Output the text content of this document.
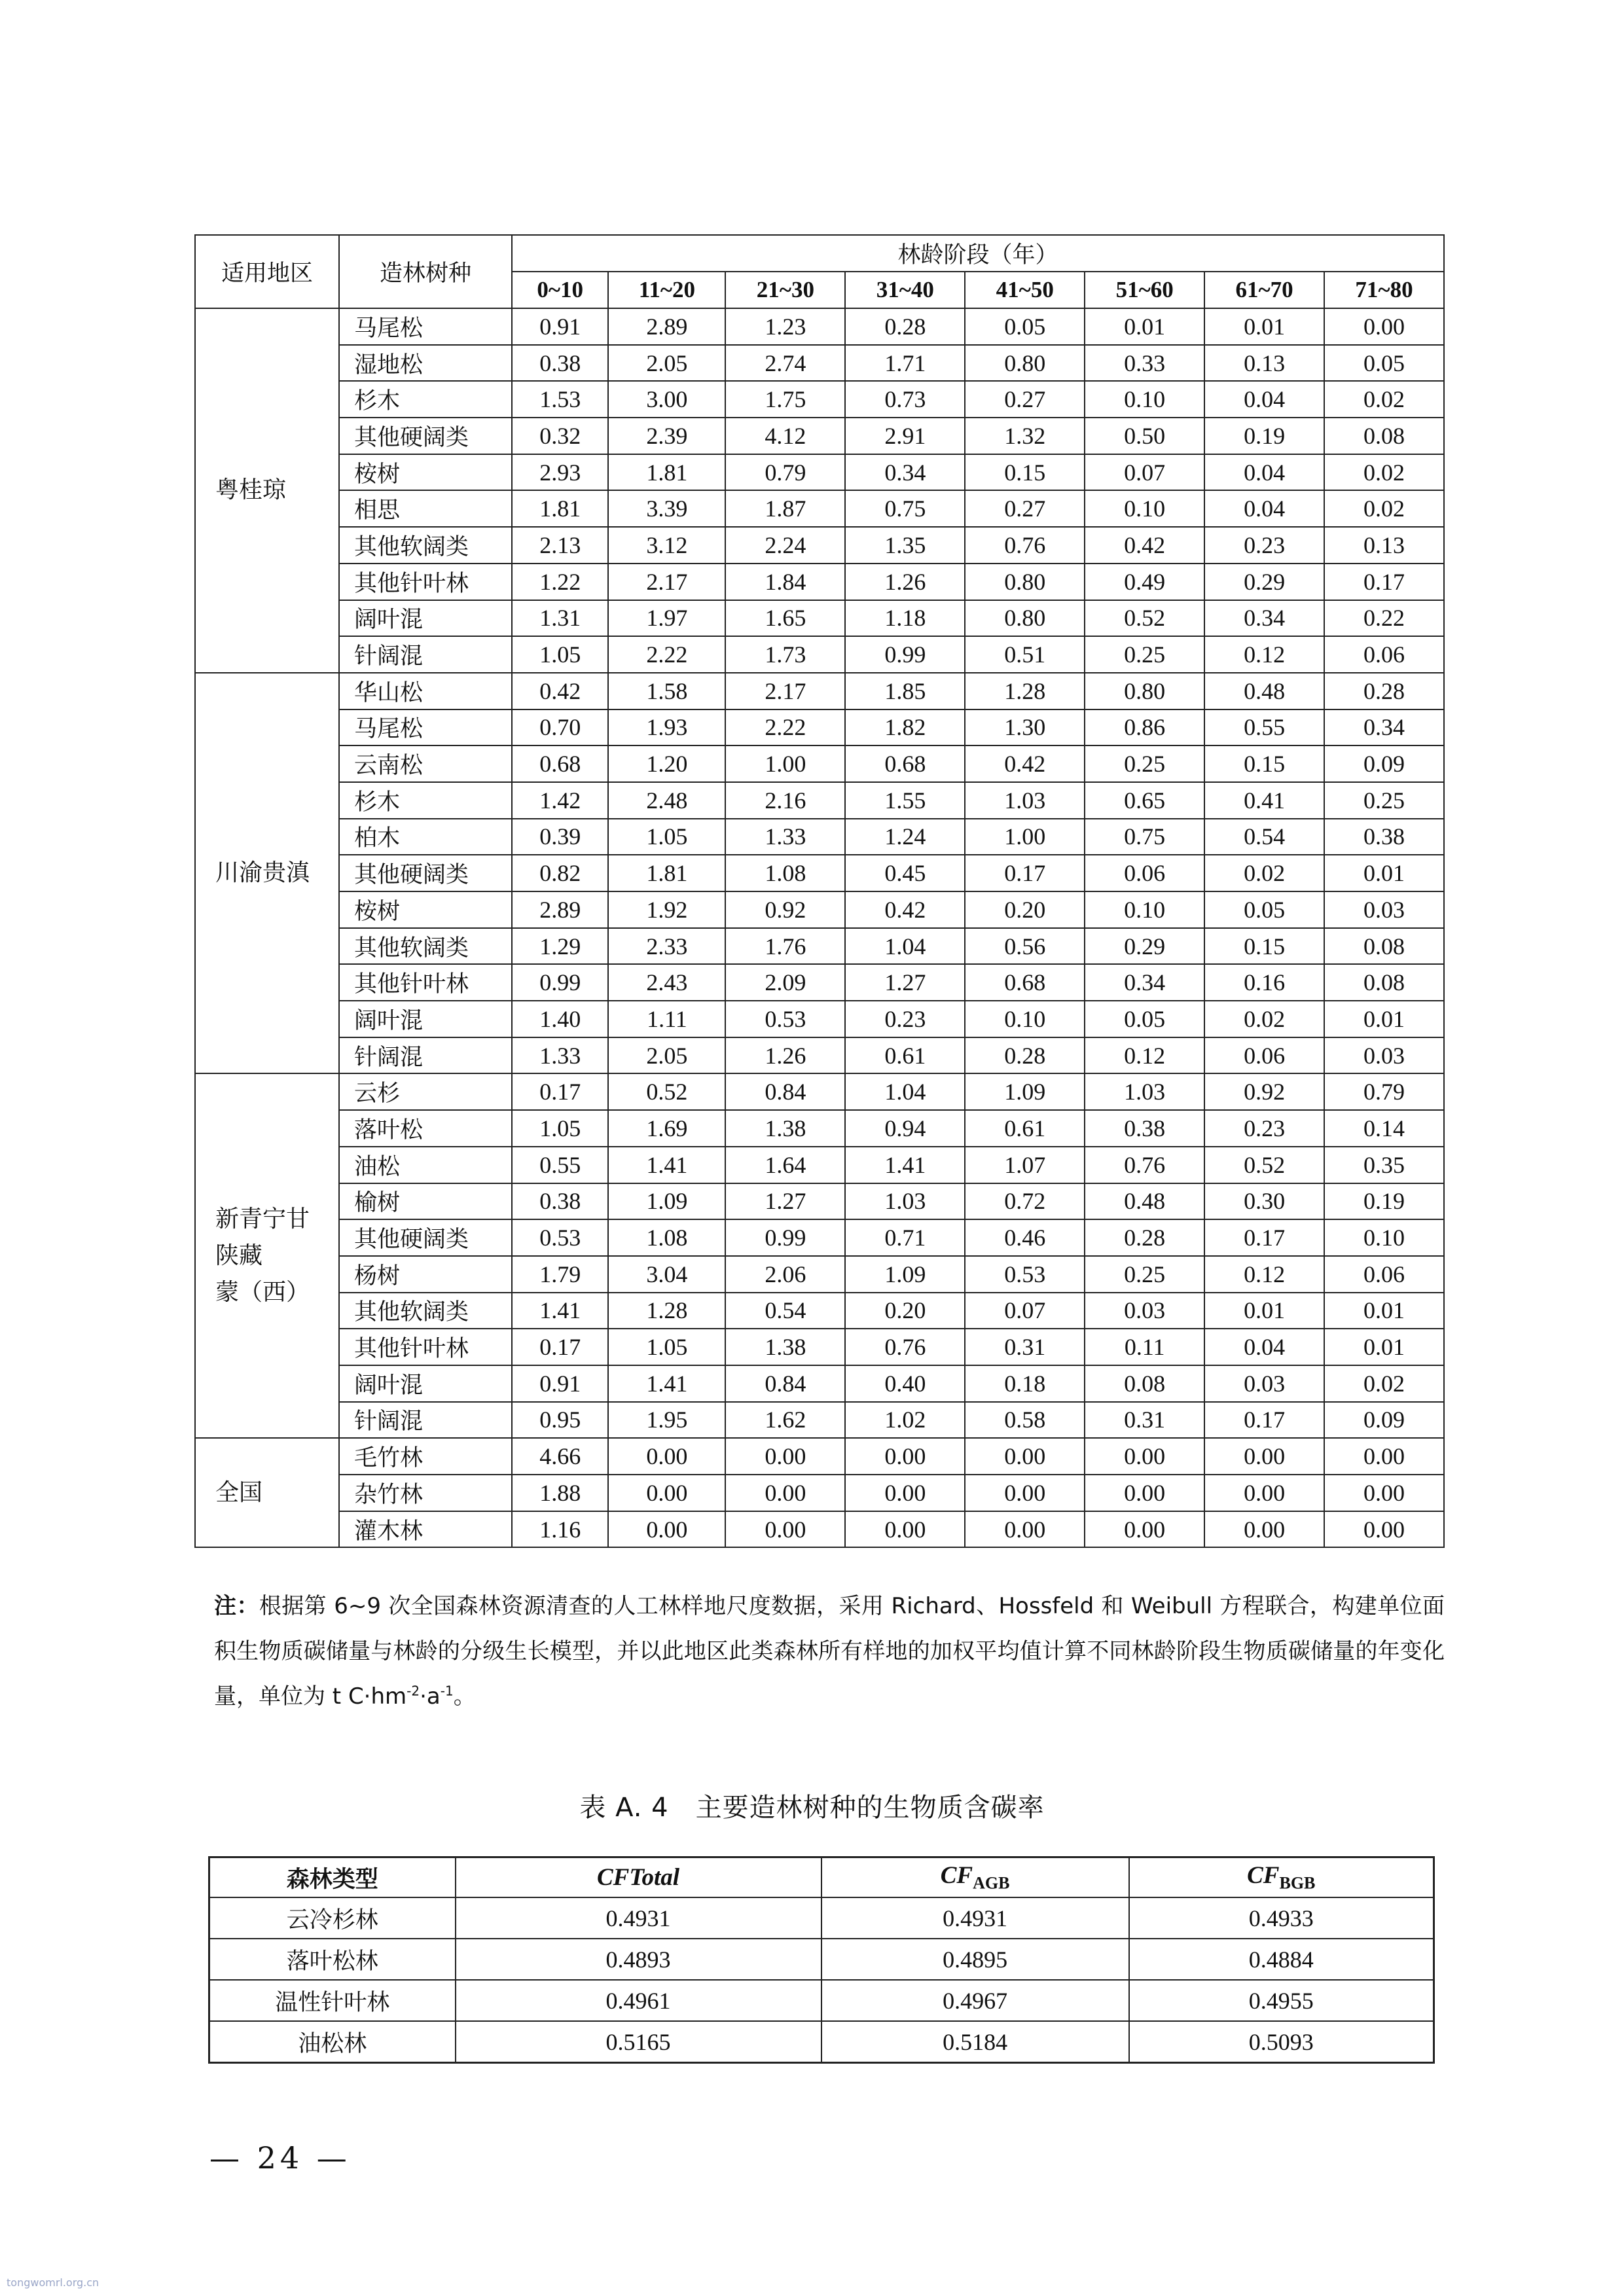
适用地区	造林树种	林龄阶段（年）							
		0~10	11~20	21~30	31~40	41~50	51~60	61~70	71~80

粤桂琼	马尾松	0.91	2.89	1.23	0.28	0.05	0.01	0.01	0.00
	湿地松	0.38	2.05	2.74	1.71	0.80	0.33	0.13	0.05
	杉木	1.53	3.00	1.75	0.73	0.27	0.10	0.04	0.02
	其他硬阔类	0.32	2.39	4.12	2.91	1.32	0.50	0.19	0.08
	桉树	2.93	1.81	0.79	0.34	0.15	0.07	0.04	0.02
	相思	1.81	3.39	1.87	0.75	0.27	0.10	0.04	0.02
	其他软阔类	2.13	3.12	2.24	1.35	0.76	0.42	0.23	0.13
	其他针叶林	1.22	2.17	1.84	1.26	0.80	0.49	0.29	0.17
	阔叶混	1.31	1.97	1.65	1.18	0.80	0.52	0.34	0.22
	针阔混	1.05	2.22	1.73	0.99	0.51	0.25	0.12	0.06

川渝贵滇	华山松	0.42	1.58	2.17	1.85	1.28	0.80	0.48	0.28
	马尾松	0.70	1.93	2.22	1.82	1.30	0.86	0.55	0.34
	云南松	0.68	1.20	1.00	0.68	0.42	0.25	0.15	0.09
	杉木	1.42	2.48	2.16	1.55	1.03	0.65	0.41	0.25
	柏木	0.39	1.05	1.33	1.24	1.00	0.75	0.54	0.38
	其他硬阔类	0.82	1.81	1.08	0.45	0.17	0.06	0.02	0.01
	桉树	2.89	1.92	0.92	0.42	0.20	0.10	0.05	0.03
	其他软阔类	1.29	2.33	1.76	1.04	0.56	0.29	0.15	0.08
	其他针叶林	0.99	2.43	2.09	1.27	0.68	0.34	0.16	0.08
	阔叶混	1.40	1.11	0.53	0.23	0.10	0.05	0.02	0.01
	针阔混	1.33	2.05	1.26	0.61	0.28	0.12	0.06	0.03

新青宁甘
陕藏
蒙（西）	云杉	0.17	0.52	0.84	1.04	1.09	1.03	0.92	0.79
	落叶松	1.05	1.69	1.38	0.94	0.61	0.38	0.23	0.14
	油松	0.55	1.41	1.64	1.41	1.07	0.76	0.52	0.35
	榆树	0.38	1.09	1.27	1.03	0.72	0.48	0.30	0.19
	其他硬阔类	0.53	1.08	0.99	0.71	0.46	0.28	0.17	0.10
	杨树	1.79	3.04	2.06	1.09	0.53	0.25	0.12	0.06
	其他软阔类	1.41	1.28	0.54	0.20	0.07	0.03	0.01	0.01
	其他针叶林	0.17	1.05	1.38	0.76	0.31	0.11	0.04	0.01
	阔叶混	0.91	1.41	0.84	0.40	0.18	0.08	0.03	0.02
	针阔混	0.95	1.95	1.62	1.02	0.58	0.31	0.17	0.09

全国	毛竹林	4.66	0.00	0.00	0.00	0.00	0.00	0.00	0.00
	杂竹林	1.88	0.00	0.00	0.00	0.00	0.00	0.00	0.00
	灌木林	1.16	0.00	0.00	0.00	0.00	0.00	0.00	0.00
注：根据第 6~9 次全国森林资源清查的人工林样地尺度数据，采用 Richard、Hossfeld 和 Weibull 方程联合，构建单位面积生物质碳储量与林龄的分级生长模型，并以此地区此类森林所有样地的加权平均值计算不同林龄阶段生物质碳储量的年变化量，单位为 t $C\cdot hm^{-2}\cdot a^{-1}$。
表 A. 4　主要造林树种的生物质含碳率
森林类型	CFTotal	$CF_{AGB}$	$CF_{BGB}$
云冷杉林	0.4931	0.4931	0.4933
落叶松林	0.4893	0.4895	0.4884
温性针叶林	0.4961	0.4967	0.4955
油松林	0.5165	0.5184	0.5093
— 24 —
tongwomrl.org.cn
